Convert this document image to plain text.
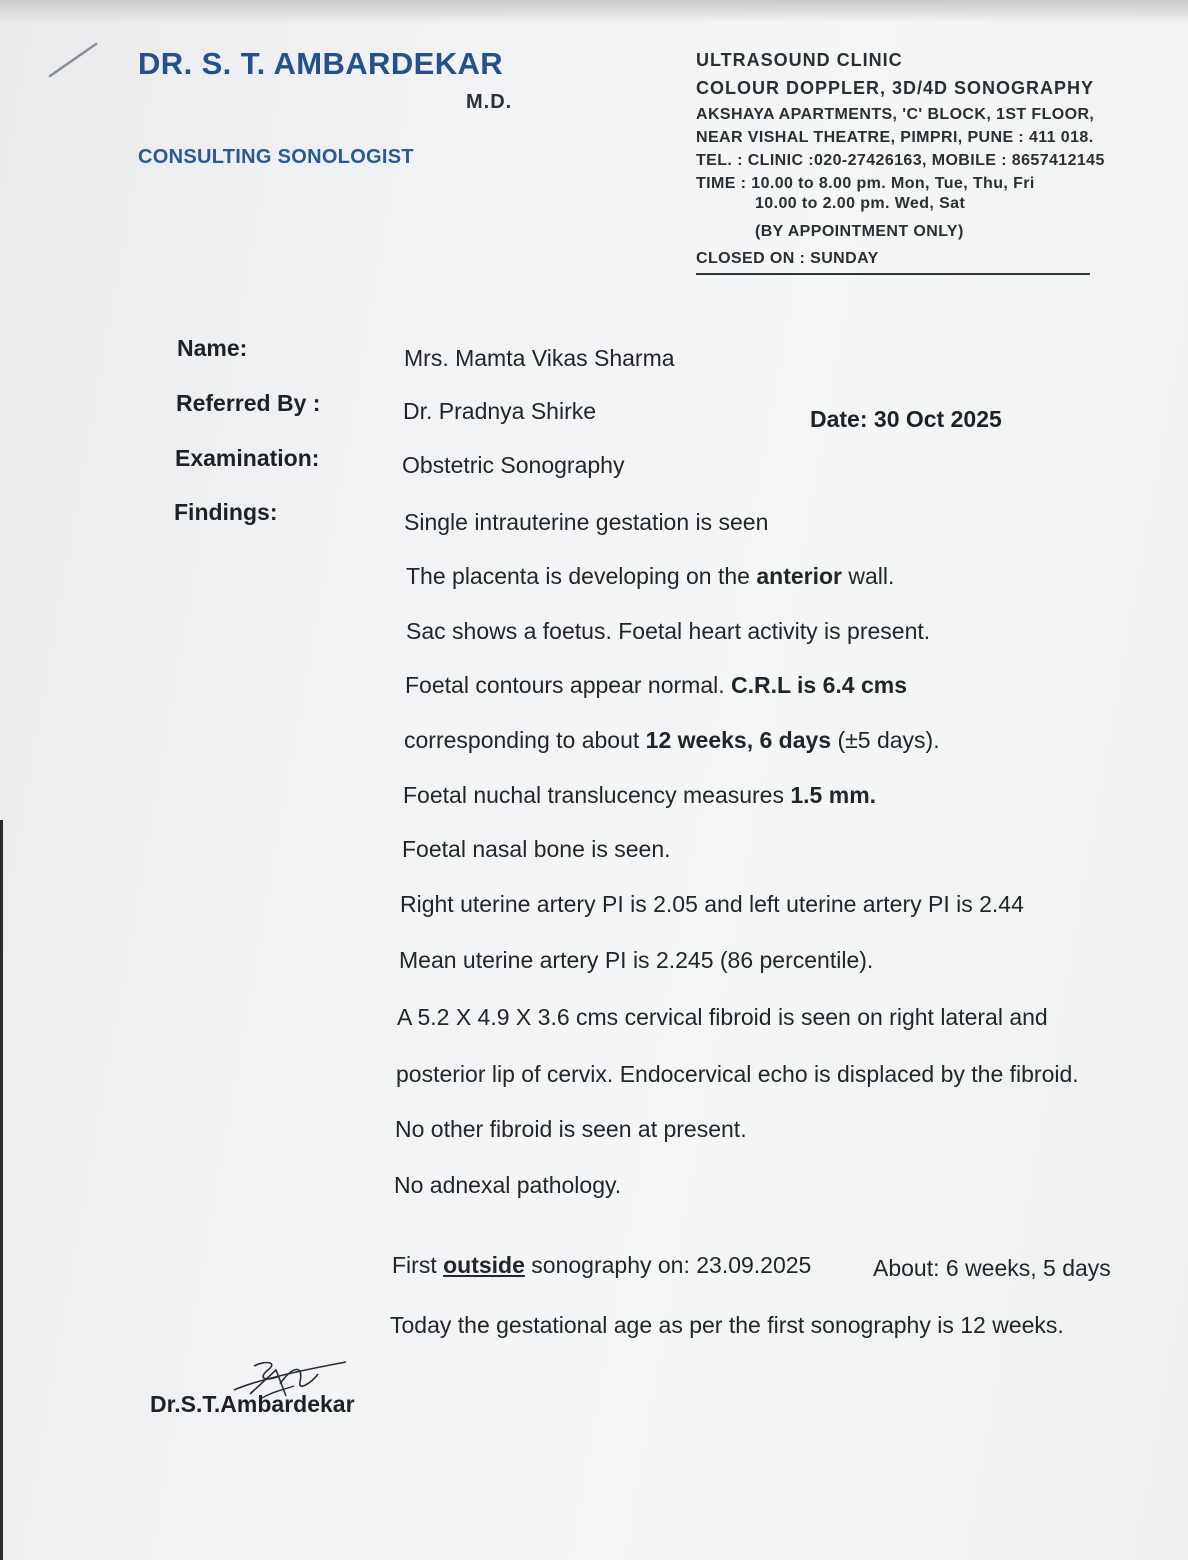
DR. S. T. AMBARDEKAR
M.D.
CONSULTING SONOLOGIST
ULTRASOUND CLINIC
COLOUR DOPPLER, 3D/4D SONOGRAPHY
AKSHAYA APARTMENTS, 'C' BLOCK, 1ST FLOOR,
NEAR VISHAL THEATRE, PIMPRI, PUNE : 411 018.
TEL. : CLINIC :020-27426163, MOBILE : 8657412145
TIME : 10.00 to 8.00 pm. Mon, Tue, Thu, Fri
10.00 to 2.00 pm. Wed, Sat
(BY APPOINTMENT ONLY)
CLOSED ON : SUNDAY
Name:	Mrs. Mamta Vikas Sharma
Referred By :	Dr. Pradnya Shirke	Date: 30 Oct 2025
Examination:	Obstetric Sonography
Findings:	Single intrauterine gestation is seen
The placenta is developing on the anterior wall.
Sac shows a foetus. Foetal heart activity is present.
Foetal contours appear normal. C.R.L is 6.4 cms
corresponding to about 12 weeks, 6 days (±5 days).
Foetal nuchal translucency measures 1.5 mm.
Foetal nasal bone is seen.
Right uterine artery PI is 2.05 and left uterine artery PI is 2.44
Mean uterine artery PI is 2.245 (86 percentile).
A 5.2 X 4.9 X 3.6 cms cervical fibroid is seen on right lateral and
posterior lip of cervix. Endocervical echo is displaced by the fibroid.
No other fibroid is seen at present.
No adnexal pathology.
First outside sonography on: 23.09.2025	About: 6 weeks, 5 days
Today the gestational age as per the first sonography is 12 weeks.
Dr.S.T.Ambardekar
